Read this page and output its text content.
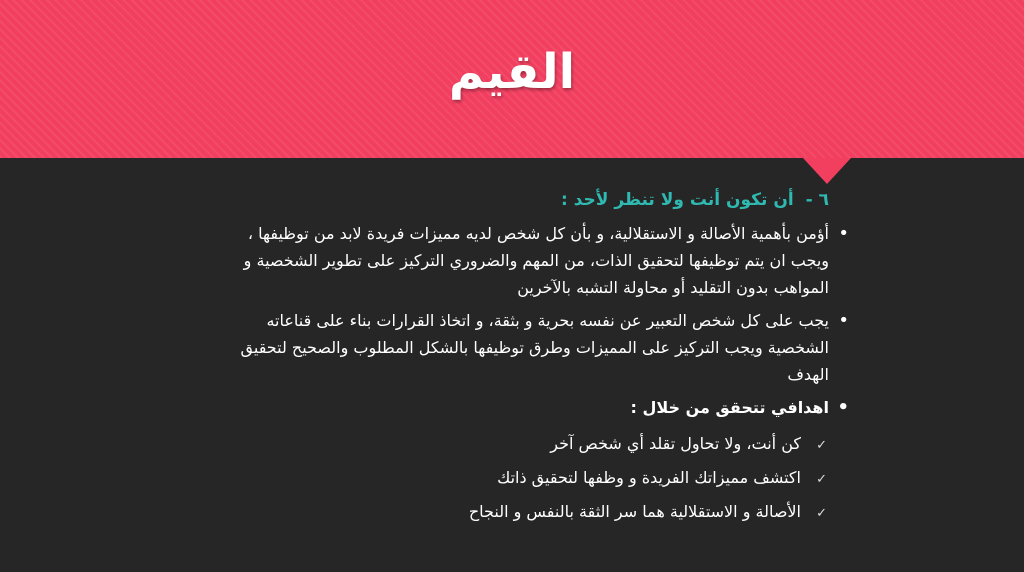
القيم
٦ - أن تكون أنت ولا تنظر لأحد :
•

أؤمن بأهمية الأصالة و الاستقلالية، و بأن كل شخص لديه مميزات فريدة لابد من توظيفها ،

ويجب ان يتم توظيفها لتحقيق الذات، من المهم والضروري التركيز على تطوير الشخصية و

المواهب بدون التقليد أو محاولة التشبه بالآخرين

•

يجب على كل شخص التعبير عن نفسه بحرية و بثقة، و اتخاذ القرارات بناء على قناعاته

الشخصية ويجب التركيز على المميزات وطرق توظيفها بالشكل المطلوب والصحيح لتحقيق

الهدف

•

اهدافي تتحقق من خلال :

✓
كن أنت، ولا تحاول تقلد أي شخص آخر
✓
اكتشف مميزاتك الفريدة و وظفها لتحقيق ذاتك
✓
الأصالة و الاستقلالية هما سر الثقة بالنفس و النجاح
